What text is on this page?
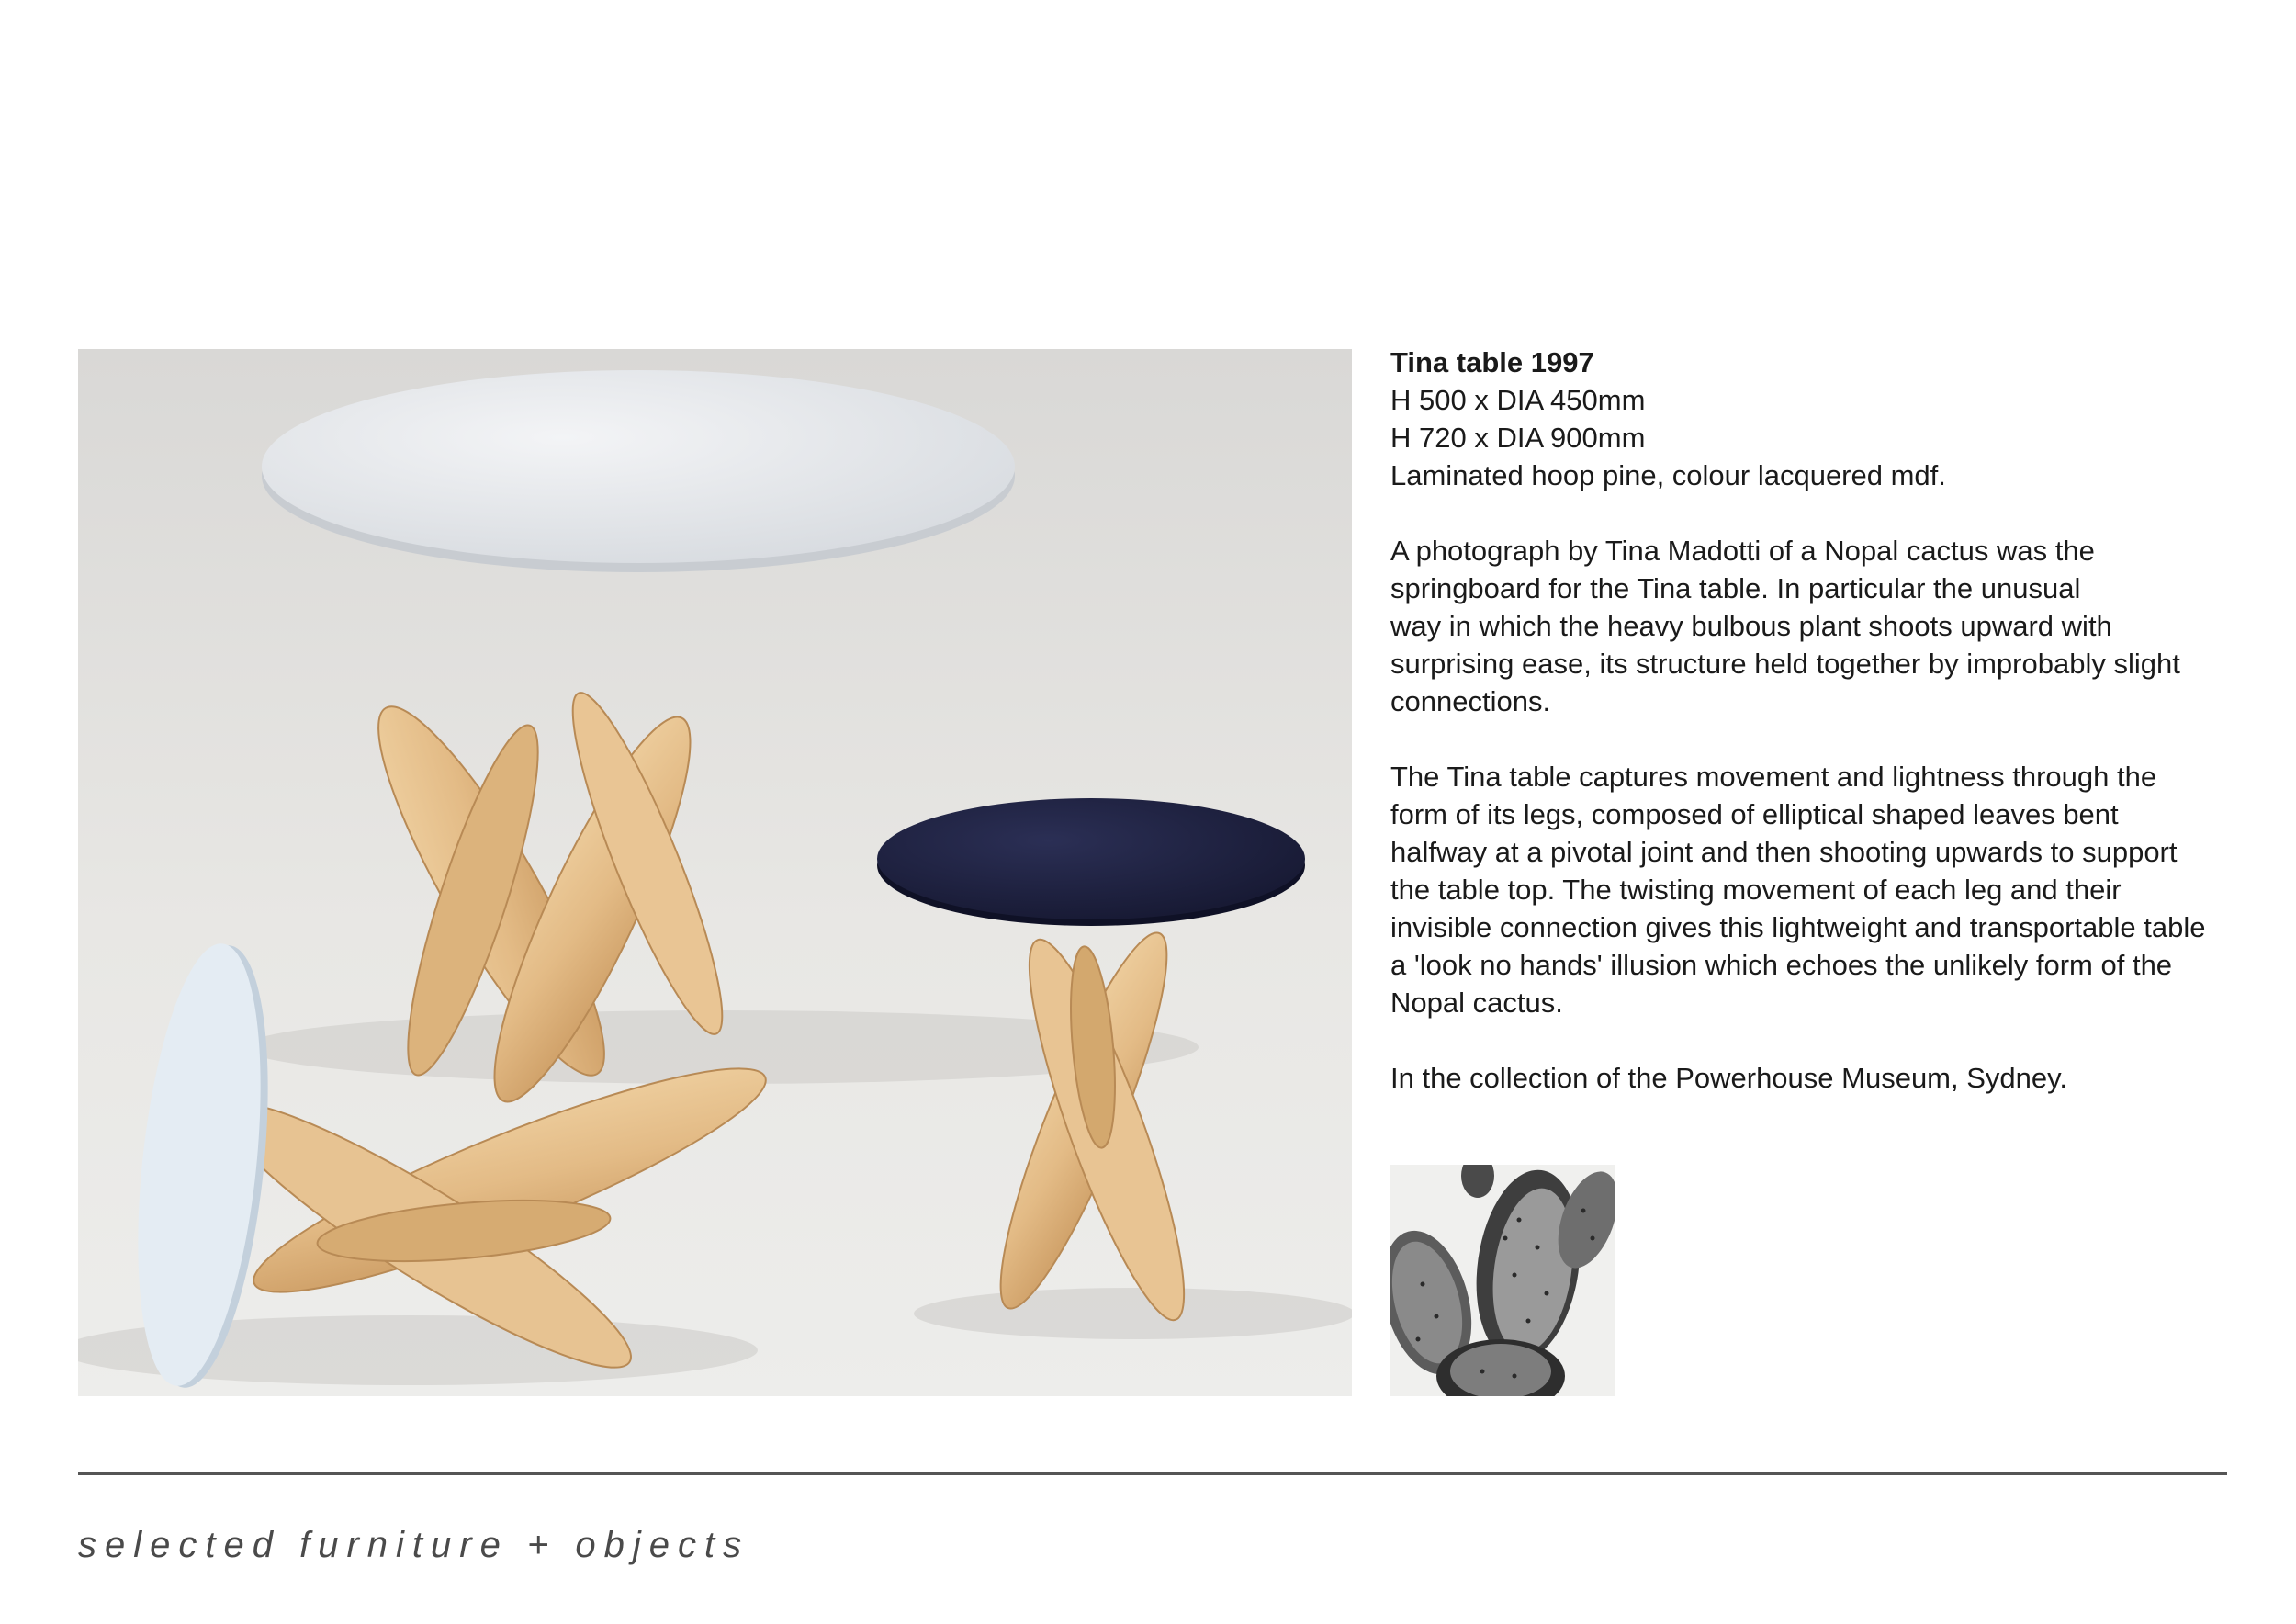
Tina table 1997
H 500 x DIA 450mm
H 720 x DIA 900mm
Laminated hoop pine, colour lacquered mdf.
A photograph by Tina Madotti of a Nopal cactus was the
springboard for the Tina table. In particular the unusual
way in which the heavy bulbous plant shoots upward with
surprising ease, its structure held together by improbably slight
connections.
The Tina table captures movement and lightness through the
form of its legs, composed of elliptical shaped leaves bent
halfway at a pivotal joint and then shooting upwards to support
the table top. The twisting movement of each leg and their
invisible connection gives this lightweight and transportable table
a 'look no hands' illusion which echoes the unlikely form of the
Nopal cactus.
In the collection of the Powerhouse Museum, Sydney.
selected furniture + objects
